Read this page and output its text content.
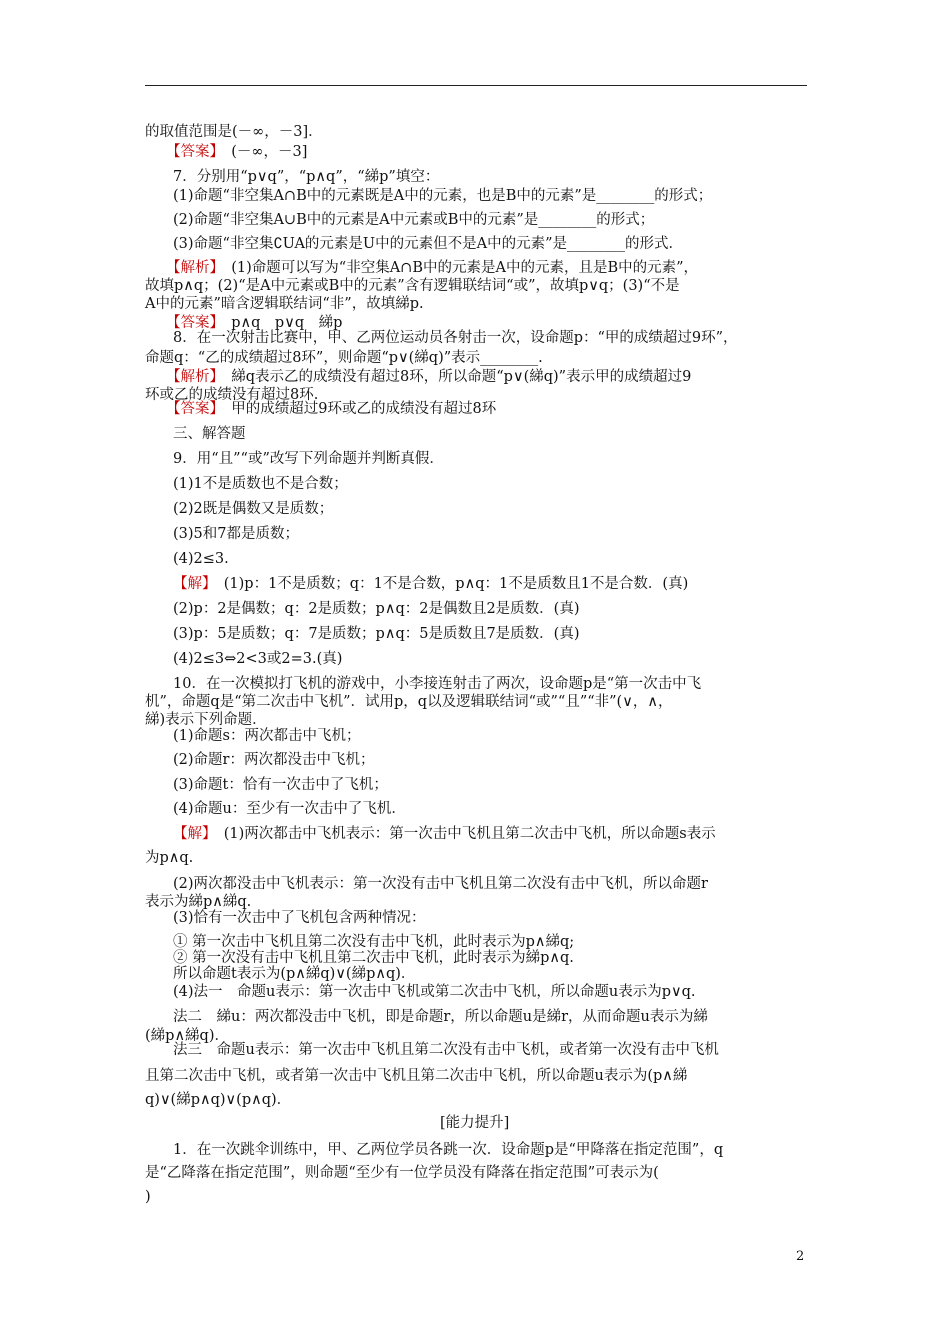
的取值范围是(－∞，－3]．
【答案】　(－∞，－3]
7．分别用“p∨q”，“p∧q”，“綈p”填空：
(1)命题“非空集A∩B中的元素既是A中的元素，也是B中的元素”是________的形式；
(2)命题“非空集A∪B中的元素是A中元素或B中的元素”是________的形式；
(3)命题“非空集∁UA的元素是U中的元素但不是A中的元素”是________的形式．
【解析】　(1)命题可以写为“非空集A∩B中的元素是A中的元素，且是B中的元素”，
故填p∧q；(2)“是A中元素或B中的元素”含有逻辑联结词“或”，故填p∨q；(3)“不是
A中的元素”暗含逻辑联结词“非”，故填綈p.
【答案】　p∧q　p∨q　綈p
8．在一次射击比赛中，甲、乙两位运动员各射击一次，设命题p：“甲的成绩超过9环”，
命题q：“乙的成绩超过8环”，则命题“p∨(綈q)”表示________.
【解析】　綈q表示乙的成绩没有超过8环，所以命题“p∨(綈q)”表示甲的成绩超过9
环或乙的成绩没有超过8环.
【答案】　甲的成绩超过9环或乙的成绩没有超过8环
三、解答题
9．用“且”“或”改写下列命题并判断真假．
(1)1不是质数也不是合数；
(2)2既是偶数又是质数；
(3)5和7都是质数；
(4)2≤3.
【解】　(1)p：1不是质数；q：1不是合数，p∧q：1不是质数且1不是合数．(真)
(2)p：2是偶数；q：2是质数；p∧q：2是偶数且2是质数．(真)
(3)p：5是质数；q：7是质数；p∧q：5是质数且7是质数．(真)
(4)2≤3⇔2<3或2=3.(真)
10．在一次模拟打飞机的游戏中，小李接连射击了两次，设命题p是“第一次击中飞
机”，命题q是“第二次击中飞机”．试用p，q以及逻辑联结词“或”“且”“非”(∨，∧，
綈)表示下列命题．
(1)命题s：两次都击中飞机；
(2)命题r：两次都没击中飞机；
(3)命题t：恰有一次击中了飞机；
(4)命题u：至少有一次击中了飞机．
【解】　(1)两次都击中飞机表示：第一次击中飞机且第二次击中飞机，所以命题s表示
为p∧q.
(2)两次都没击中飞机表示：第一次没有击中飞机且第二次没有击中飞机，所以命题r
表示为綈p∧綈q.
(3)恰有一次击中了飞机包含两种情况：
① 第一次击中飞机且第二次没有击中飞机，此时表示为p∧綈q;
② 第一次没有击中飞机且第二次击中飞机，此时表示为綈p∧q.
所以命题t表示为(p∧綈q)∨(綈p∧q)．
(4)法一　命题u表示：第一次击中飞机或第二次击中飞机，所以命题u表示为p∨q.
法二　綈u：两次都没击中飞机，即是命题r，所以命题u是綈r，从而命题u表示为綈
(綈p∧綈q)．
法三　命题u表示：第一次击中飞机且第二次没有击中飞机，或者第一次没有击中飞机
且第二次击中飞机，或者第一次击中飞机且第二次击中飞机，所以命题u表示为(p∧綈
q)∨(綈p∧q)∨(p∧q)．
[能力提升]
1．在一次跳伞训练中，甲、乙两位学员各跳一次．设命题p是“甲降落在指定范围”，q
是“乙降落在指定范围”，则命题“至少有一位学员没有降落在指定范围”可表示为(
)
2
